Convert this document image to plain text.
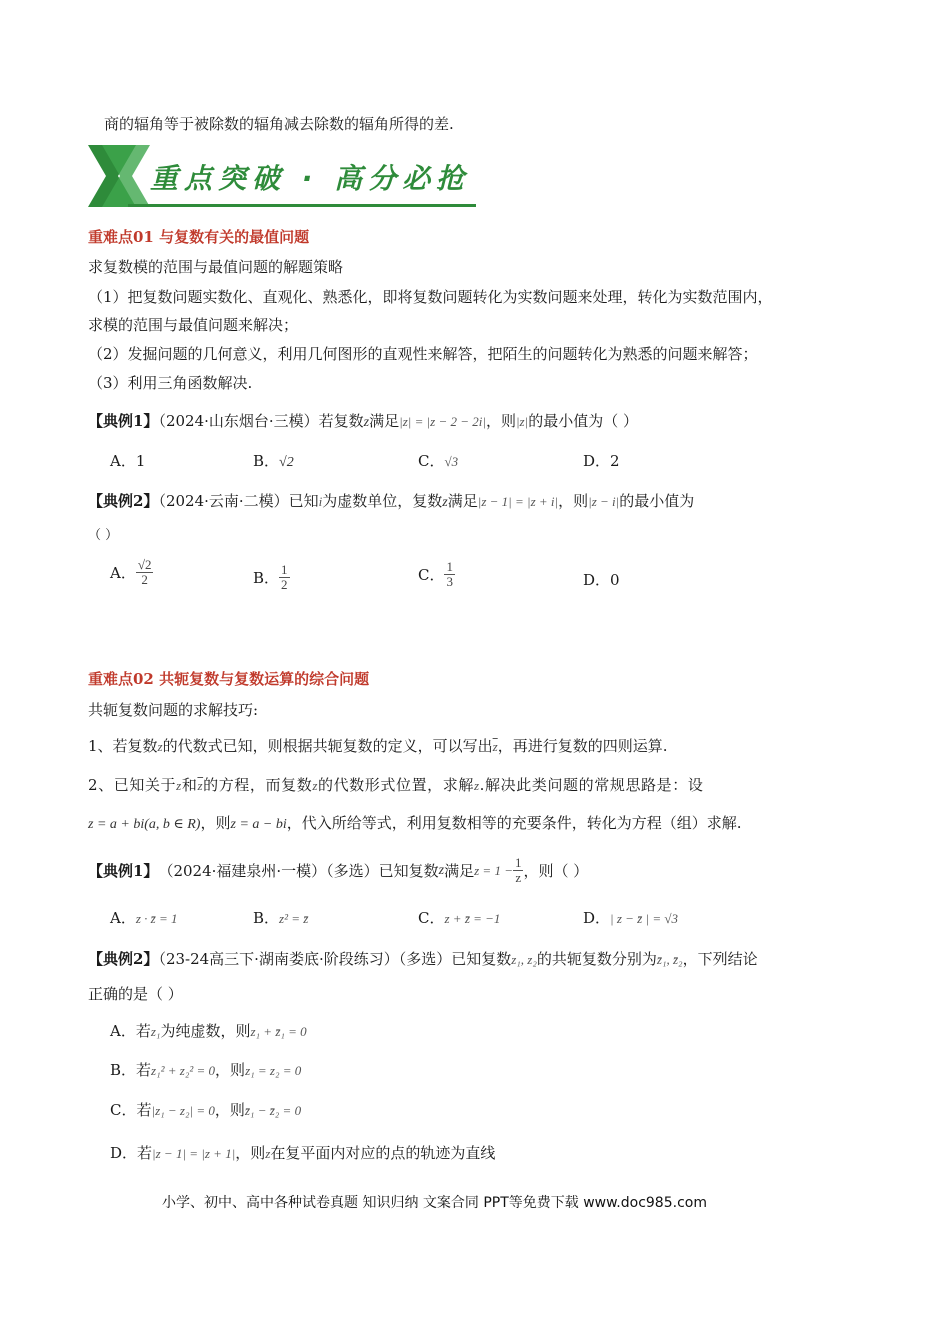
商的辐角等于被除数的辐角减去除数的辐角所得的差.
重点突破 · 高分必抢
重难点01 与复数有关的最值问题
求复数模的范围与最值问题的解题策略
（1）把复数问题实数化、直观化、熟悉化，即将复数问题转化为实数问题来处理，转化为实数范围内，
求模的范围与最值问题来解决；
（2）发掘问题的几何意义，利用几何图形的直观性来解答，把陌生的问题转化为熟悉的问题来解答；
（3）利用三角函数解决.
【典例1】（2024·山东烟台·三模）若复数z满足|z| = |z − 2 − 2i|，则|z|的最小值为（ ）
A．1	B．√2	C．√3	D．2
【典例2】（2024·云南·二模）已知i为虚数单位，复数z满足|z − 1| = |z + i|，则|z − i|的最小值为
（ ）
A． $\frac{√2}{2}$	B． $\frac{1}{2}$	C． $\frac{1}{3}$	D．0
重难点02 共轭复数与复数运算的综合问题
共轭复数问题的求解技巧:
1、若复数z的代数式已知，则根据共轭复数的定义，可以写出$\overline{z}$，再进行复数的四则运算.
2、已知关于z和$\overline{z}$的方程，而复数z的代数形式位置，求解z.解决此类问题的常规思路是：设
z = a + bi(a, b ∈ R)，则z = a − bi，代入所给等式，利用复数相等的充要条件，转化为方程（组）求解.
【典例1】 （2024·福建泉州·一模）（多选）已知复数 z 满足 $z = 1 - \frac{1}{z}$ ，则（ ）
A．z · z̄ = 1	B．z² = z̄	C．z + z̄ = −1	D．| z − z̄ | = √3
【典例2】（23-24高三下·湖南娄底·阶段练习）（多选）已知复数z₁, z₂的共轭复数分别为z̄₁, z̄₂，下列结论
正确的是（ ）
A．若z₁为纯虚数，则z₁ + z̄₁ = 0
B．若z₁² + z₂² = 0，则z₁ = z₂ = 0
C．若|z₁ − z₂| = 0，则z̄₁ − z̄₂ = 0
D．若|z − 1| = |z + 1|，则z在复平面内对应的点的轨迹为直线
小学、初中、高中各种试卷真题 知识归纳 文案合同 PPT等免费下载 www.doc985.com
